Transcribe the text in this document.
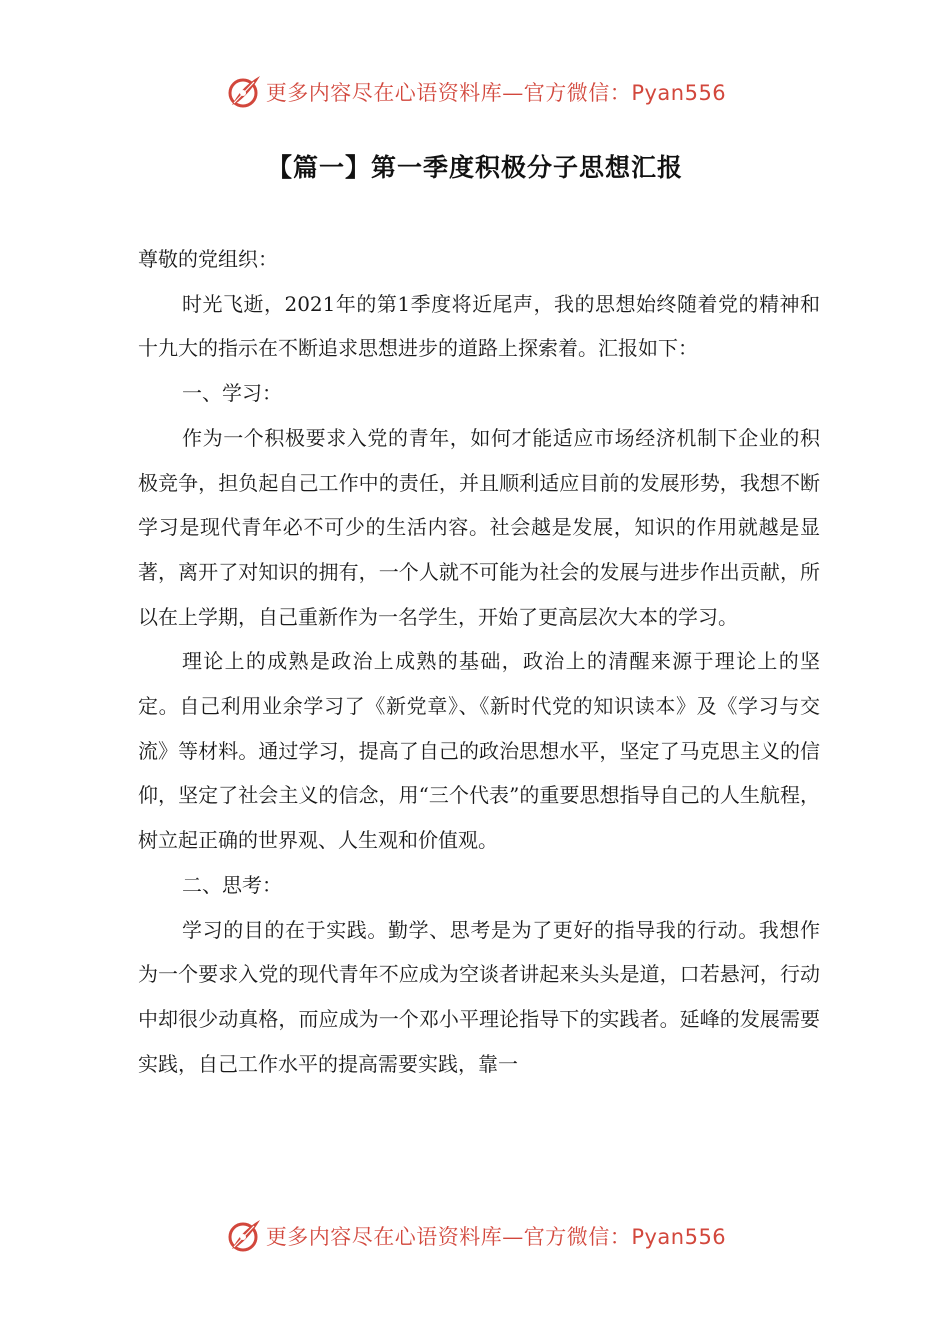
更多内容尽在心语资料库—官方微信：Pyan556
【篇一】第一季度积极分子思想汇报

尊敬的党组织：

时光飞逝，2021年的第1季度将近尾声，我的思想始终随着党的精神和十九大的指示在不断追求思想进步的道路上探索着。汇报如下：

一、学习：

作为一个积极要求入党的青年，如何才能适应市场经济机制下企业的积极竞争，担负起自己工作中的责任，并且顺利适应目前的发展形势，我想不断学习是现代青年必不可少的生活内容。社会越是发展，知识的作用就越是显著，离开了对知识的拥有，一个人就不可能为社会的发展与进步作出贡献，所以在上学期，自己重新作为一名学生，开始了更高层次大本的学习。

理论上的成熟是政治上成熟的基础，政治上的清醒来源于理论上的坚定。自己利用业余学习了《新党章》、《新时代党的知识读本》及《学习与交流》等材料。通过学习，提高了自己的政治思想水平，坚定了马克思主义的信仰，坚定了社会主义的信念，用“三个代表”的重要思想指导自己的人生航程，树立起正确的世界观、人生观和价值观。

二、思考：

学习的目的在于实践。勤学、思考是为了更好的指导我的行动。我想作为一个要求入党的现代青年不应成为空谈者讲起来头头是道，口若悬河，行动中却很少动真格，而应成为一个邓小平理论指导下的实践者。延峰的发展需要实践，自己工作水平的提高需要实践，靠一

更多内容尽在心语资料库—官方微信：Pyan556
